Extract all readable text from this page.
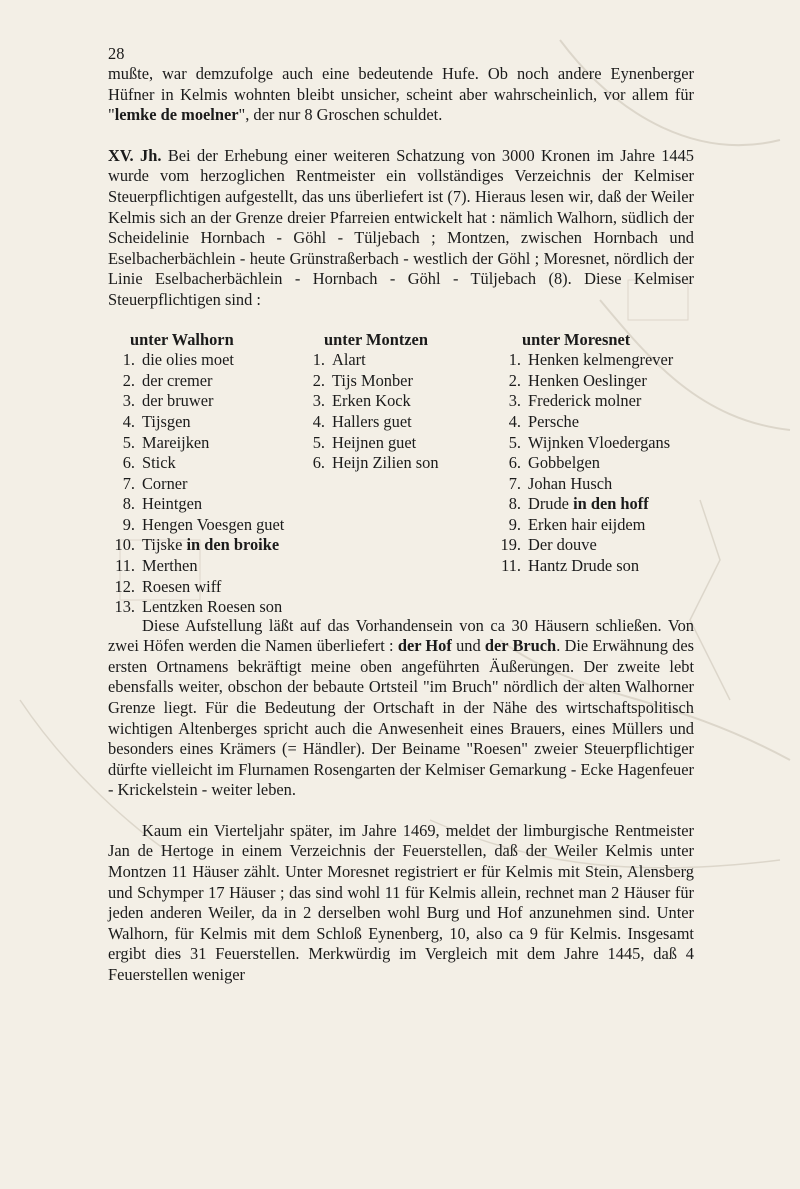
28

mußte, war demzufolge auch eine bedeutende Hufe. Ob noch andere Eynenberger Hüfner in Kelmis wohnten bleibt unsicher, scheint aber wahrscheinlich, vor allem für "lemke de moelner", der nur 8 Groschen schuldet.

XV. Jh. Bei der Erhebung einer weiteren Schatzung von 3000 Kronen im Jahre 1445 wurde vom herzoglichen Rentmeister ein vollständiges Verzeichnis der Kelmiser Steuerpflichtigen aufgestellt, das uns überliefert ist (7). Hieraus lesen wir, daß der Weiler Kelmis sich an der Grenze dreier Pfarreien entwickelt hat : nämlich Walhorn, südlich der Scheidelinie Hornbach - Göhl - Tüljebach ; Montzen, zwischen Hornbach und Eselbacherbächlein - heute Grünstraßerbach - westlich der Göhl ; Moresnet, nördlich der Linie Eselbacherbächlein - Hornbach - Göhl - Tüljebach (8). Diese Kelmiser Steuerpflichtigen sind :

unter Walhorn
1. die olies moet
2. der cremer
3. der bruwer
4. Tijsgen
5. Mareijken
6. Stick
7. Corner
8. Heintgen
9. Hengen Voesgen guet
10. Tijske in den broike
11. Merthen
12. Roesen wiff
13. Lentzken Roesen son
unter Montzen
1. Alart
2. Tijs Monber
3. Erken Kock
4. Hallers guet
5. Heijnen guet
6. Heijn Zilien son
unter Moresnet
1. Henken kelmengrever
2. Henken Oeslinger
3. Frederick molner
4. Persche
5. Wijnken Vloedergans
6. Gobbelgen
7. Johan Husch
8. Drude in den hoff
9. Erken hair eijdem
19. Der douve
11. Hantz Drude son

Diese Aufstellung läßt auf das Vorhandensein von ca 30 Häusern schließen. Von zwei Höfen werden die Namen überliefert : der Hof und der Bruch. Die Erwähnung des ersten Ortnamens bekräftigt meine oben angeführten Äußerungen. Der zweite lebt ebensfalls weiter, obschon der bebaute Ortsteil "im Bruch" nördlich der alten Walhorner Grenze liegt. Für die Bedeutung der Ortschaft in der Nähe des wirtschaftspolitisch wichtigen Altenberges spricht auch die Anwesenheit eines Brauers, eines Müllers und besonders eines Krämers (= Händler). Der Beiname "Roesen" zweier Steuerpflichtiger dürfte vielleicht im Flurnamen Rosengarten der Kelmiser Gemarkung - Ecke Hagenfeuer - Krickelstein - weiter leben.

Kaum ein Vierteljahr später, im Jahre 1469, meldet der limburgische Rentmeister Jan de Hertoge in einem Verzeichnis der Feuerstellen, daß der Weiler Kelmis unter Montzen 11 Häuser zählt. Unter Moresnet registriert er für Kelmis mit Stein, Alensberg und Schymper 17 Häuser ; das sind wohl 11 für Kelmis allein, rechnet man 2 Häuser für jeden anderen Weiler, da in 2 derselben wohl Burg und Hof anzunehmen sind. Unter Walhorn, für Kelmis mit dem Schloß Eynenberg, 10, also ca 9 für Kelmis. Insgesamt ergibt dies 31 Feuerstellen. Merkwürdig im Vergleich mit dem Jahre 1445, daß 4 Feuerstellen weniger
